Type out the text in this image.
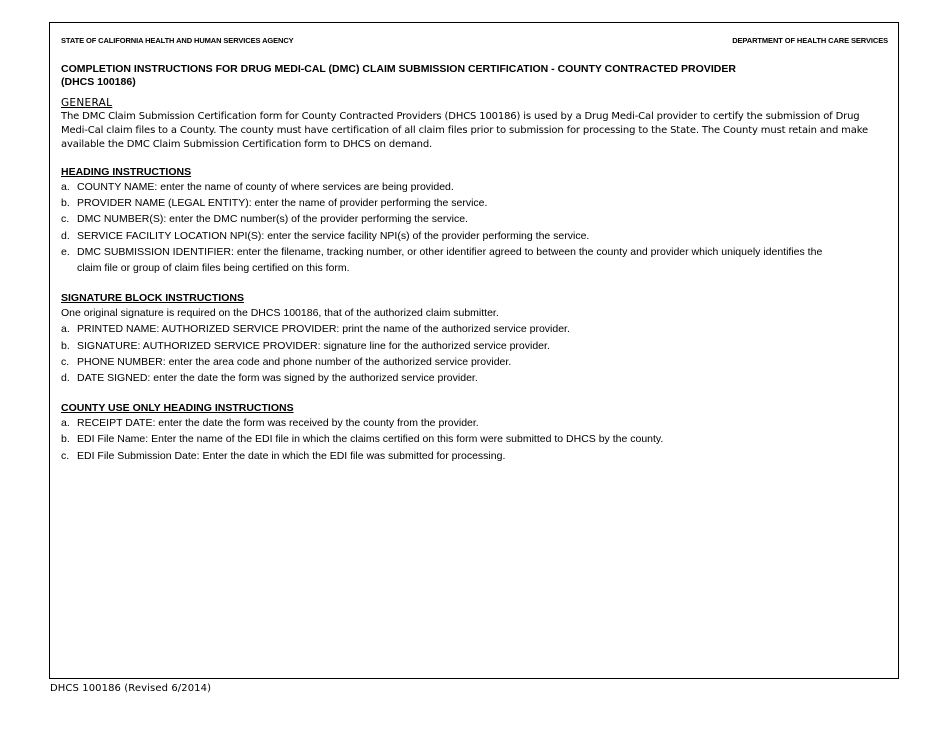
STATE OF CALIFORNIA HEALTH AND HUMAN SERVICES AGENCY	DEPARTMENT OF HEALTH CARE SERVICES
COMPLETION INSTRUCTIONS FOR DRUG MEDI-CAL (DMC) CLAIM SUBMISSION CERTIFICATION - COUNTY CONTRACTED PROVIDER
(DHCS 100186)
GENERAL
The DMC Claim Submission Certification form for County Contracted Providers (DHCS 100186) is used by a Drug Medi-Cal provider to certify the submission of Drug Medi-Cal claim files to a County. The county must have certification of all claim files prior to submission for processing to the State. The County must retain and make available the DMC Claim Submission Certification form to DHCS on demand.
HEADING INSTRUCTIONS
a. COUNTY NAME: enter the name of county of where services are being provided.
b. PROVIDER NAME (LEGAL ENTITY): enter the name of provider performing the service.
c. DMC NUMBER(S): enter the DMC number(s) of the provider performing the service.
d. SERVICE FACILITY LOCATION NPI(S): enter the service facility NPI(s) of the provider performing the service.
e. DMC SUBMISSION IDENTIFIER: enter the filename, tracking number, or other identifier agreed to between the county and provider which uniquely identifies the claim file or group of claim files being certified on this form.
SIGNATURE BLOCK INSTRUCTIONS
One original signature is required on the DHCS 100186, that of the authorized claim submitter.
a. PRINTED NAME: AUTHORIZED SERVICE PROVIDER: print the name of the authorized service provider.
b. SIGNATURE: AUTHORIZED SERVICE PROVIDER: signature line for the authorized service provider.
c. PHONE NUMBER: enter the area code and phone number of the authorized service provider.
d. DATE SIGNED: enter the date the form was signed by the authorized service provider.
COUNTY USE ONLY HEADING INSTRUCTIONS
a. RECEIPT DATE: enter the date the form was received by the county from the provider.
b. EDI File Name: Enter the name of the EDI file in which the claims certified on this form were submitted to DHCS by the county.
c. EDI File Submission Date: Enter the date in which the EDI file was submitted for processing.
DHCS 100186 (Revised 6/2014)
